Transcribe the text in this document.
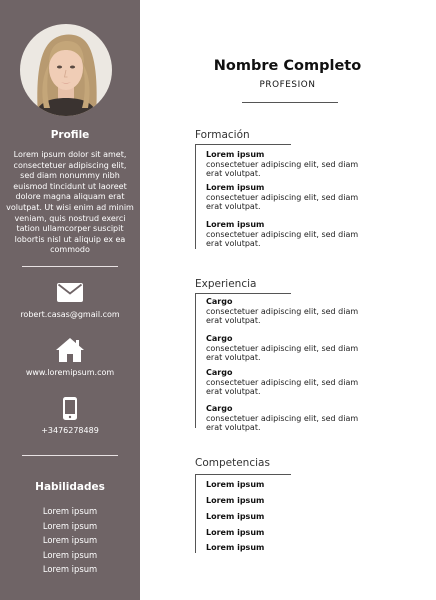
Profile

Lorem ipsum dolor sit amet, consectetuer adipiscing elit, sed diam nonummy nibh euismod tincidunt ut laoreet dolore magna aliquam erat volutpat. Ut wisi enim ad minim veniam, quis nostrud exerci tation ullamcorper suscipit lobortis nisl ut aliquip ex ea commodo

robert.casas@gmail.com
www.loremipsum.com
+3476278489
Habilidades
Lorem ipsum
Lorem ipsum
Lorem ipsum
Lorem ipsum
Lorem ipsum
Nombre Completo
PROFESION
Formación
Lorem ipsum
consectetuer adipiscing elit, sed diam erat volutpat.
Lorem ipsum
consectetuer adipiscing elit, sed diam erat volutpat.
Lorem ipsum
consectetuer adipiscing elit, sed diam erat volutpat.
Experiencia
Cargo
consectetuer adipiscing elit, sed diam erat volutpat.
Cargo
consectetuer adipiscing elit, sed diam erat volutpat.
Cargo
consectetuer adipiscing elit, sed diam erat volutpat.
Cargo
consectetuer adipiscing elit, sed diam erat volutpat.
Competencias
Lorem ipsum
Lorem ipsum
Lorem ipsum
Lorem ipsum
Lorem ipsum
